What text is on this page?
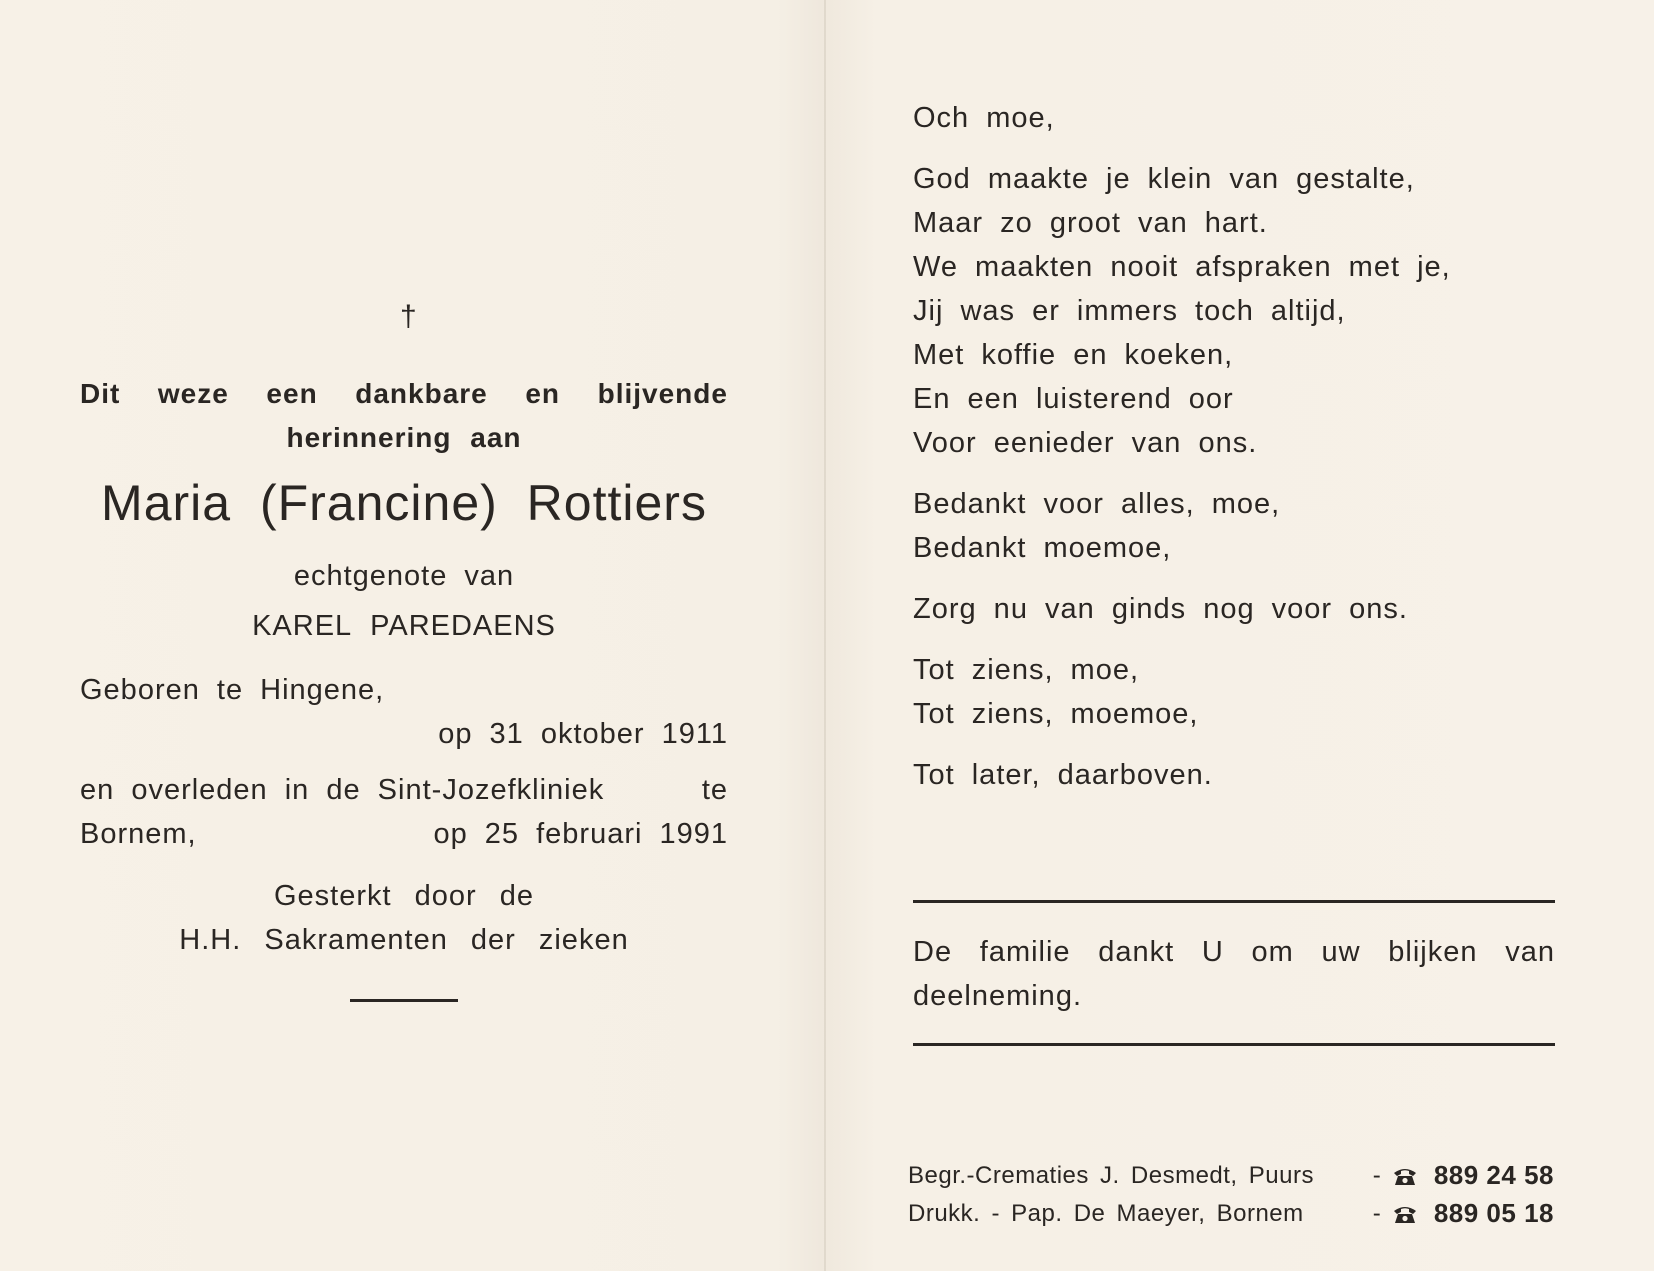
†
Dit weze een dankbare en blijvende
herinnering aan
Maria (Francine) Rottiers
echtgenote van
KAREL PAREDAENS
Geboren te Hingene,
op 31 oktober 1911
en overleden in de Sint-Jozefkliniek	te
Bornem,	op 25 februari 1991
Gesterkt door de
H.H. Sakramenten der zieken
Och moe,
God maakte je klein van gestalte,
Maar zo groot van hart.
We maakten nooit afspraken met je,
Jij was er immers toch altijd,
Met koffie en koeken,
En een luisterend oor
Voor eenieder van ons.
Bedankt voor alles, moe,
Bedankt moemoe,
Zorg nu van ginds nog voor ons.
Tot ziens, moe,
Tot ziens, moemoe,
Tot later, daarboven.
De familie dankt U om uw blijken van
deelneming.
Begr.-Crematies J. Desmedt, Puurs	-	889 24 58
Drukk. - Pap. De Maeyer, Bornem	-	889 05 18
